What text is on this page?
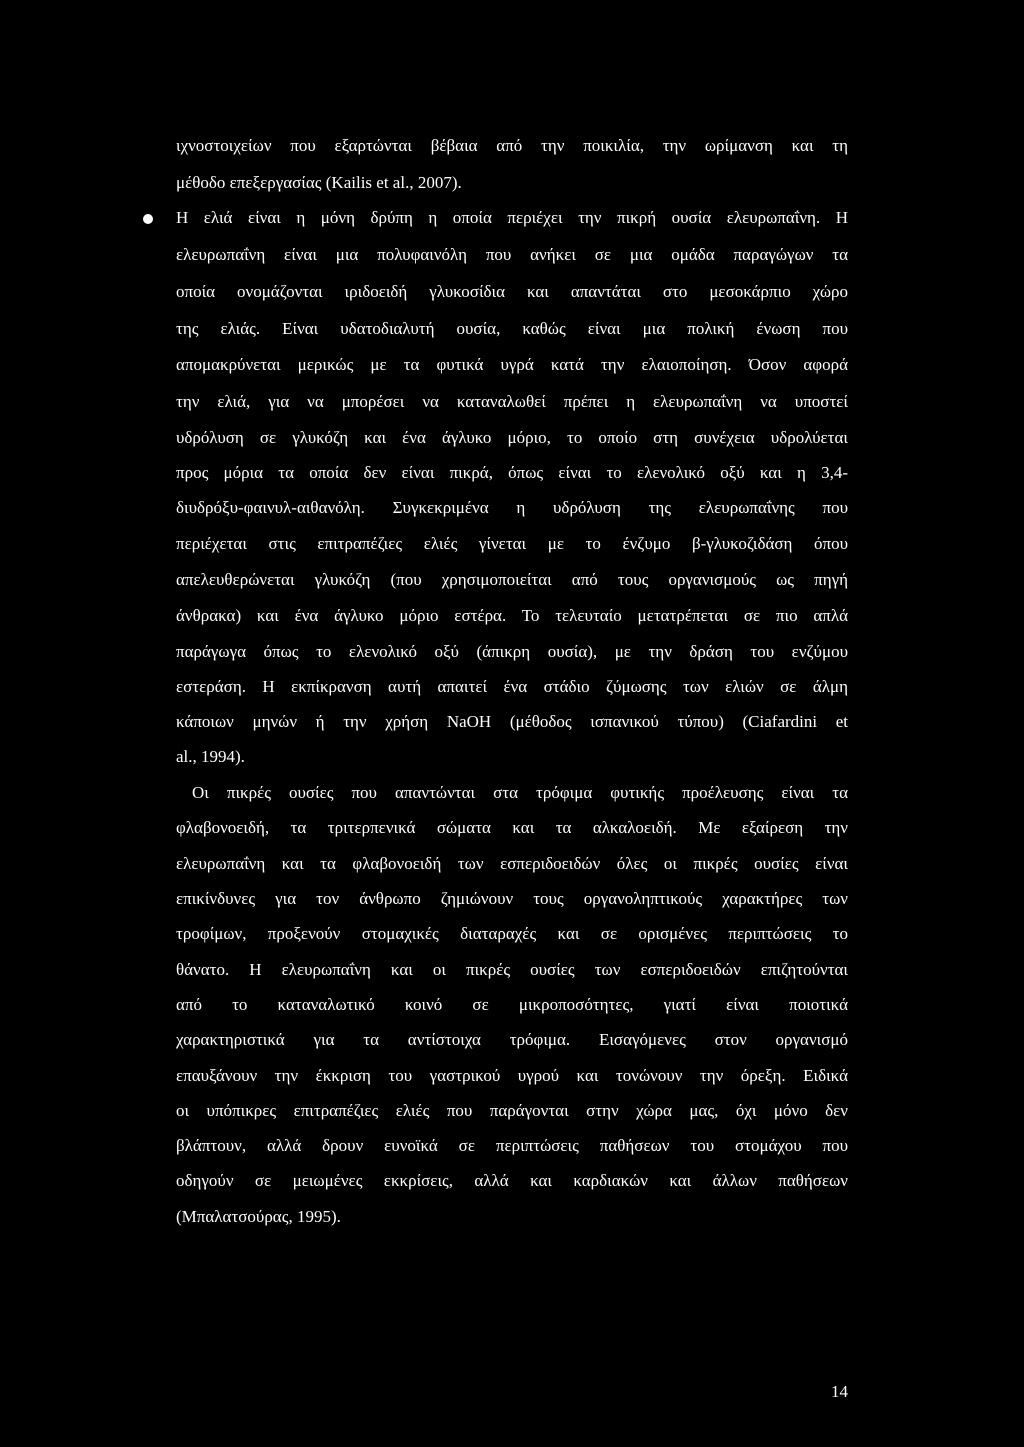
ιχνοστοιχείων που εξαρτώνται βέβαια από την ποικιλία, την ωρίμανση και τη
μέθοδο επεξεργασίας (Kailis et al., 2007).
Η ελιά είναι η μόνη δρύπη η οποία περιέχει την πικρή ουσία ελευρωπαΐνη. Η
ελευρωπαΐνη είναι μια πολυφαινόλη που ανήκει σε μια ομάδα παραγώγων τα
οποία ονομάζονται ιριδοειδή γλυκοσίδια και απαντάται στο μεσοκάρπιο χώρο
της ελιάς. Είναι υδατοδιαλυτή ουσία, καθώς είναι μια πολική ένωση που
απομακρύνεται μερικώς με τα φυτικά υγρά κατά την ελαιοποίηση. Όσον αφορά
την ελιά, για να μπορέσει να καταναλωθεί πρέπει η ελευρωπαΐνη να υποστεί
υδρόλυση σε γλυκόζη και ένα άγλυκο μόριο, το οποίο στη συνέχεια υδρολύεται
προς μόρια τα οποία δεν είναι πικρά, όπως είναι το ελενολικό οξύ και η 3,4-
διυδρόξυ-φαινυλ-αιθανόλη. Συγκεκριμένα η υδρόλυση της ελευρωπαΐνης που
περιέχεται στις επιτραπέζιες ελιές γίνεται με το ένζυμο β-γλυκοζιδάση όπου
απελευθερώνεται γλυκόζη (που χρησιμοποιείται από τους οργανισμούς ως πηγή
άνθρακα) και ένα άγλυκο μόριο εστέρα. Το τελευταίο μετατρέπεται σε πιο απλά
παράγωγα όπως το ελενολικό οξύ (άπικρη ουσία), με την δράση του ενζύμου
εστεράση. Η εκπίκρανση αυτή απαιτεί ένα στάδιο ζύμωσης των ελιών σε άλμη
κάποιων μηνών ή την χρήση NaOH (μέθοδος ισπανικού τύπου) (Ciafardini et
al., 1994).
Οι πικρές ουσίες που απαντώνται στα τρόφιμα φυτικής προέλευσης είναι τα
φλαβονοειδή, τα τριτερπενικά σώματα και τα αλκαλοειδή. Με εξαίρεση την
ελευρωπαΐνη και τα φλαβονοειδή των εσπεριδοειδών όλες οι πικρές ουσίες είναι
επικίνδυνες για τον άνθρωπο ζημιώνουν τους οργανοληπτικούς χαρακτήρες των
τροφίμων, προξενούν στομαχικές διαταραχές και σε ορισμένες περιπτώσεις το
θάνατο. Η ελευρωπαΐνη και οι πικρές ουσίες των εσπεριδοειδών επιζητούνται
από το καταναλωτικό κοινό σε μικροποσότητες, γιατί είναι ποιοτικά
χαρακτηριστικά για τα αντίστοιχα τρόφιμα. Εισαγόμενες στον οργανισμό
επαυξάνουν την έκκριση του γαστρικού υγρού και τονώνουν την όρεξη. Ειδικά
οι υπόπικρες επιτραπέζιες ελιές που παράγονται στην χώρα μας, όχι μόνο δεν
βλάπτουν, αλλά δρουν ευνοϊκά σε περιπτώσεις παθήσεων του στομάχου που
οδηγούν σε μειωμένες εκκρίσεις, αλλά και καρδιακών και άλλων παθήσεων
(Μπαλατσούρας, 1995).
14
